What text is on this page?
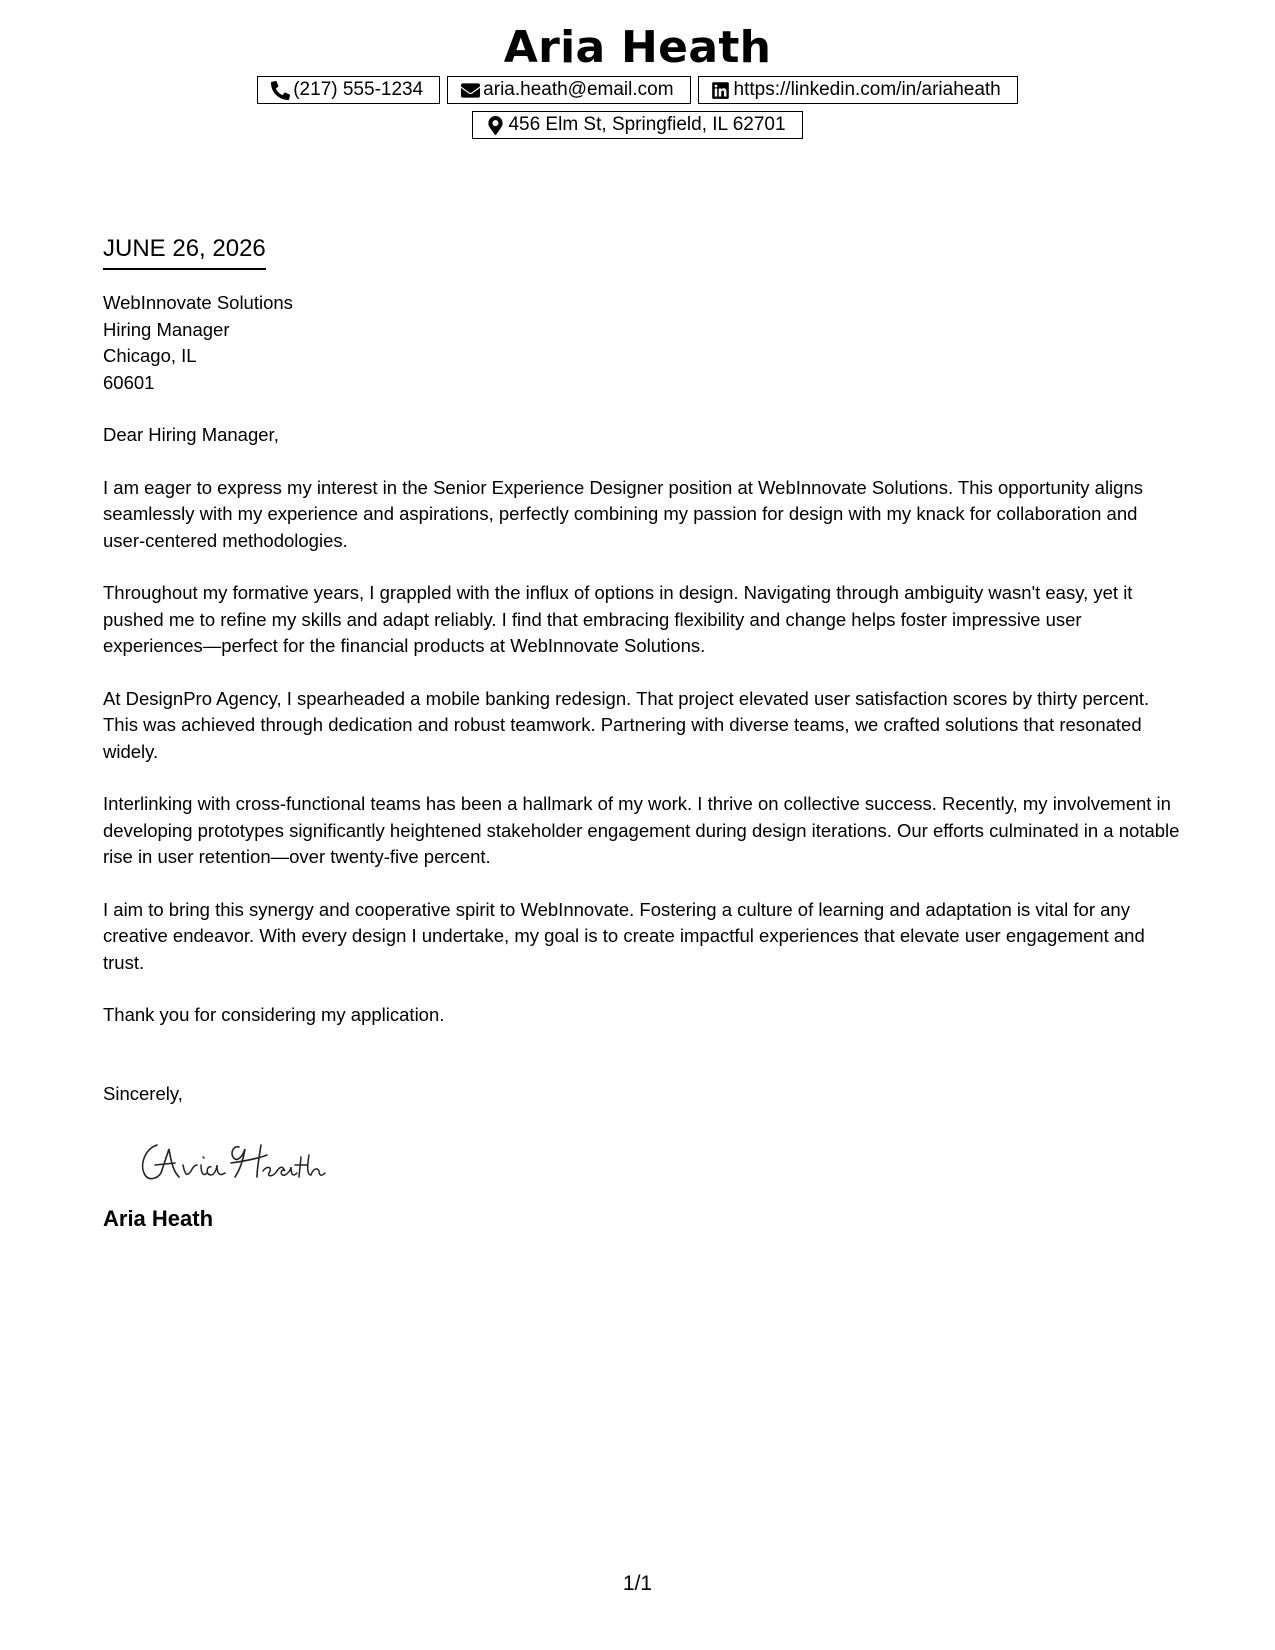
Aria Heath
(217) 555-1234	aria.heath@email.com	https://linkedin.com/in/ariaheath
456 Elm St, Springfield, IL 62701
JUNE 26, 2026
WebInnovate Solutions
Hiring Manager
Chicago, IL
60601
Dear Hiring Manager,

I am eager to express my interest in the Senior Experience Designer position at WebInnovate Solutions. This opportunity aligns seamlessly with my experience and aspirations, perfectly combining my passion for design with my knack for collaboration and user-centered methodologies.

Throughout my formative years, I grappled with the influx of options in design. Navigating through ambiguity wasn't easy, yet it pushed me to refine my skills and adapt reliably. I find that embracing flexibility and change helps foster impressive user experiences—perfect for the financial products at WebInnovate Solutions.

At DesignPro Agency, I spearheaded a mobile banking redesign. That project elevated user satisfaction scores by thirty percent. This was achieved through dedication and robust teamwork. Partnering with diverse teams, we crafted solutions that resonated widely.

Interlinking with cross-functional teams has been a hallmark of my work. I thrive on collective success. Recently, my involvement in developing prototypes significantly heightened stakeholder engagement during design iterations. Our efforts culminated in a notable rise in user retention—over twenty-five percent.

I aim to bring this synergy and cooperative spirit to WebInnovate. Fostering a culture of learning and adaptation is vital for any creative endeavor. With every design I undertake, my goal is to create impactful experiences that elevate user engagement and trust.

Thank you for considering my application.

Sincerely,
Aria Heath
1/1
